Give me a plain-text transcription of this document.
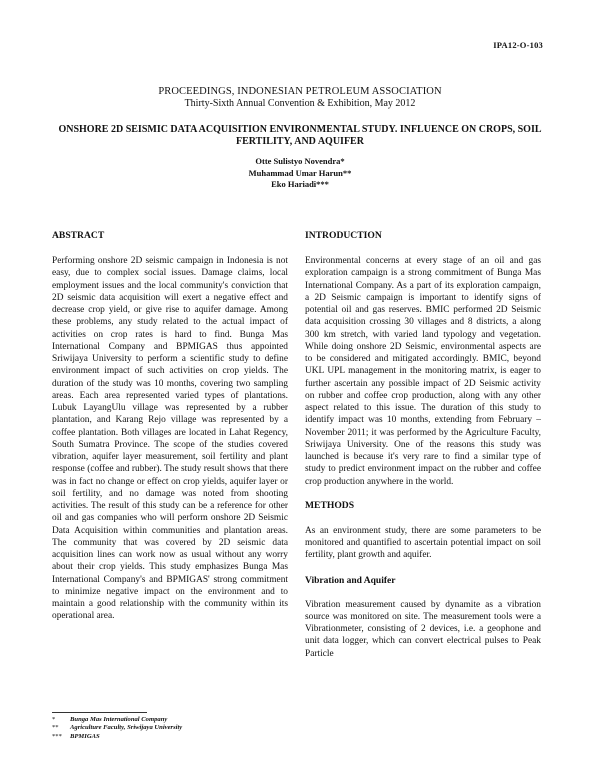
IPA12-O-103
PROCEEDINGS, INDONESIAN PETROLEUM ASSOCIATION
Thirty-Sixth Annual Convention & Exhibition, May 2012
ONSHORE 2D SEISMIC DATA ACQUISITION ENVIRONMENTAL STUDY. INFLUENCE ON CROPS, SOIL FERTILITY, AND AQUIFER
Otte Sulistyo Novendra*
Muhammad Umar Harun**
Eko Hariadi***
ABSTRACT

Performing onshore 2D seismic campaign in Indonesia is not easy, due to complex social issues. Damage claims, local employment issues and the local community's conviction that 2D seismic data acquisition will exert a negative effect and decrease crop yield, or give rise to aquifer damage. Among these problems, any study related to the actual impact of activities on crop rates is hard to find. Bunga Mas International Company and BPMIGAS thus appointed Sriwijaya University to perform a scientific study to define environment impact of such activities on crop yields. The duration of the study was 10 months, covering two sampling areas. Each area represented varied types of plantations. Lubuk LayangUlu village was represented by a rubber plantation, and Karang Rejo village was represented by a coffee plantation. Both villages are located in Lahat Regency, South Sumatra Province. The scope of the studies covered vibration, aquifer layer measurement, soil fertility and plant response (coffee and rubber). The study result shows that there was in fact no change or effect on crop yields, aquifer layer or soil fertility, and no damage was noted from shooting activities. The result of this study can be a reference for other oil and gas companies who will perform onshore 2D Seismic Data Acquisition within communities and plantation areas. The community that was covered by 2D seismic data acquisition lines can work now as usual without any worry about their crop yields. This study emphasizes Bunga Mas International Company's and BPMIGAS' strong commitment to minimize negative impact on the environment and to maintain a good relationship with the community within its operational area.

INTRODUCTION

Environmental concerns at every stage of an oil and gas exploration campaign is a strong commitment of Bunga Mas International Company. As a part of its exploration campaign, a 2D Seismic campaign is important to identify signs of potential oil and gas reserves. BMIC performed 2D Seismic data acquisition crossing 30 villages and 8 districts, a along 300 km stretch, with varied land typology and vegetation. While doing onshore 2D Seismic, environmental aspects are to be considered and mitigated accordingly. BMIC, beyond UKL UPL management in the monitoring matrix, is eager to further ascertain any possible impact of 2D Seismic activity on rubber and coffee crop production, along with any other aspect related to this issue. The duration of this study to identify impact was 10 months, extending from February – November 2011; it was performed by the Agriculture Faculty, Sriwijaya University. One of the reasons this study was launched is because it's very rare to find a similar type of study to predict environment impact on the rubber and coffee crop production anywhere in the world.

METHODS

As an environment study, there are some parameters to be monitored and quantified to ascertain potential impact on soil fertility, plant growth and aquifer.

Vibration and Aquifer

Vibration measurement caused by dynamite as a vibration source was monitored on site. The measurement tools were a Vibrationmeter, consisting of 2 devices, i.e. a geophone and unit data logger, which can convert electrical pulses to Peak Particle

*	Bunga Mas International Company
**	Agriculture Faculty, Sriwijaya University
***	BPMIGAS
